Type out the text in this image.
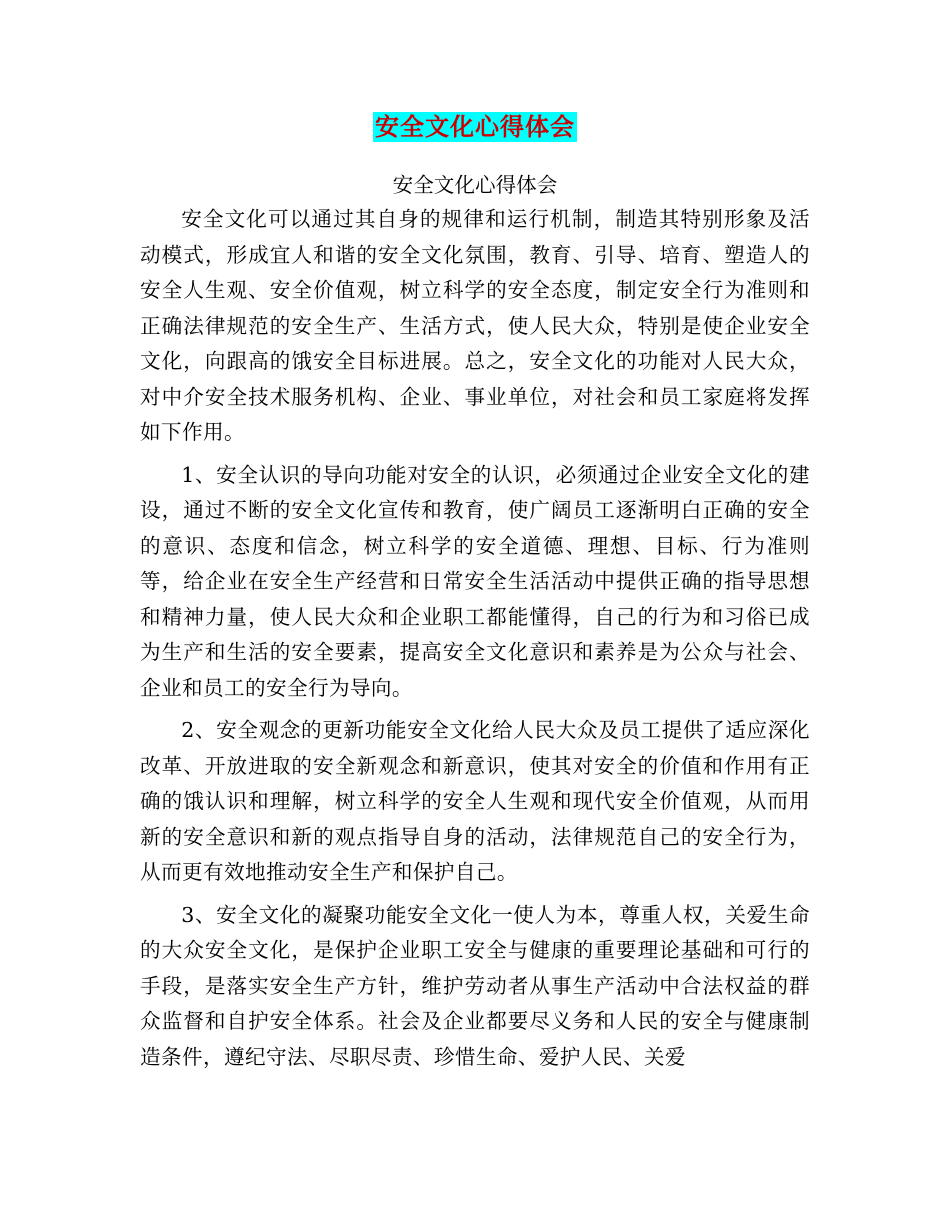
安全文化心得体会
安全文化心得体会

安全文化可以通过其自身的规律和运行机制，制造其特别形象及活动模式，形成宜人和谐的安全文化氛围，教育、引导、培育、塑造人的安全人生观、安全价值观，树立科学的安全态度，制定安全行为准则和正确法律规范的安全生产、生活方式，使人民大众，特别是使企业安全文化，向跟高的饿安全目标进展。总之，安全文化的功能对人民大众，对中介安全技术服务机构、企业、事业单位，对社会和员工家庭将发挥如下作用。

1、安全认识的导向功能对安全的认识，必须通过企业安全文化的建设，通过不断的安全文化宣传和教育，使广阔员工逐渐明白正确的安全的意识、态度和信念，树立科学的安全道德、理想、目标、行为准则等，给企业在安全生产经营和日常安全生活活动中提供正确的指导思想和精神力量，使人民大众和企业职工都能懂得，自己的行为和习俗已成为生产和生活的安全要素，提高安全文化意识和素养是为公众与社会、企业和员工的安全行为导向。

2、安全观念的更新功能安全文化给人民大众及员工提供了适应深化改革、开放进取的安全新观念和新意识，使其对安全的价值和作用有正确的饿认识和理解，树立科学的安全人生观和现代安全价值观，从而用新的安全意识和新的观点指导自身的活动，法律规范自己的安全行为，从而更有效地推动安全生产和保护自己。

3、安全文化的凝聚功能安全文化一使人为本，尊重人权，关爱生命的大众安全文化，是保护企业职工安全与健康的重要理论基础和可行的手段，是落实安全生产方针，维护劳动者从事生产活动中合法权益的群众监督和自护安全体系。社会及企业都要尽义务和人民的安全与健康制造条件，遵纪守法、尽职尽责、珍惜生命、爱护人民、关爱
